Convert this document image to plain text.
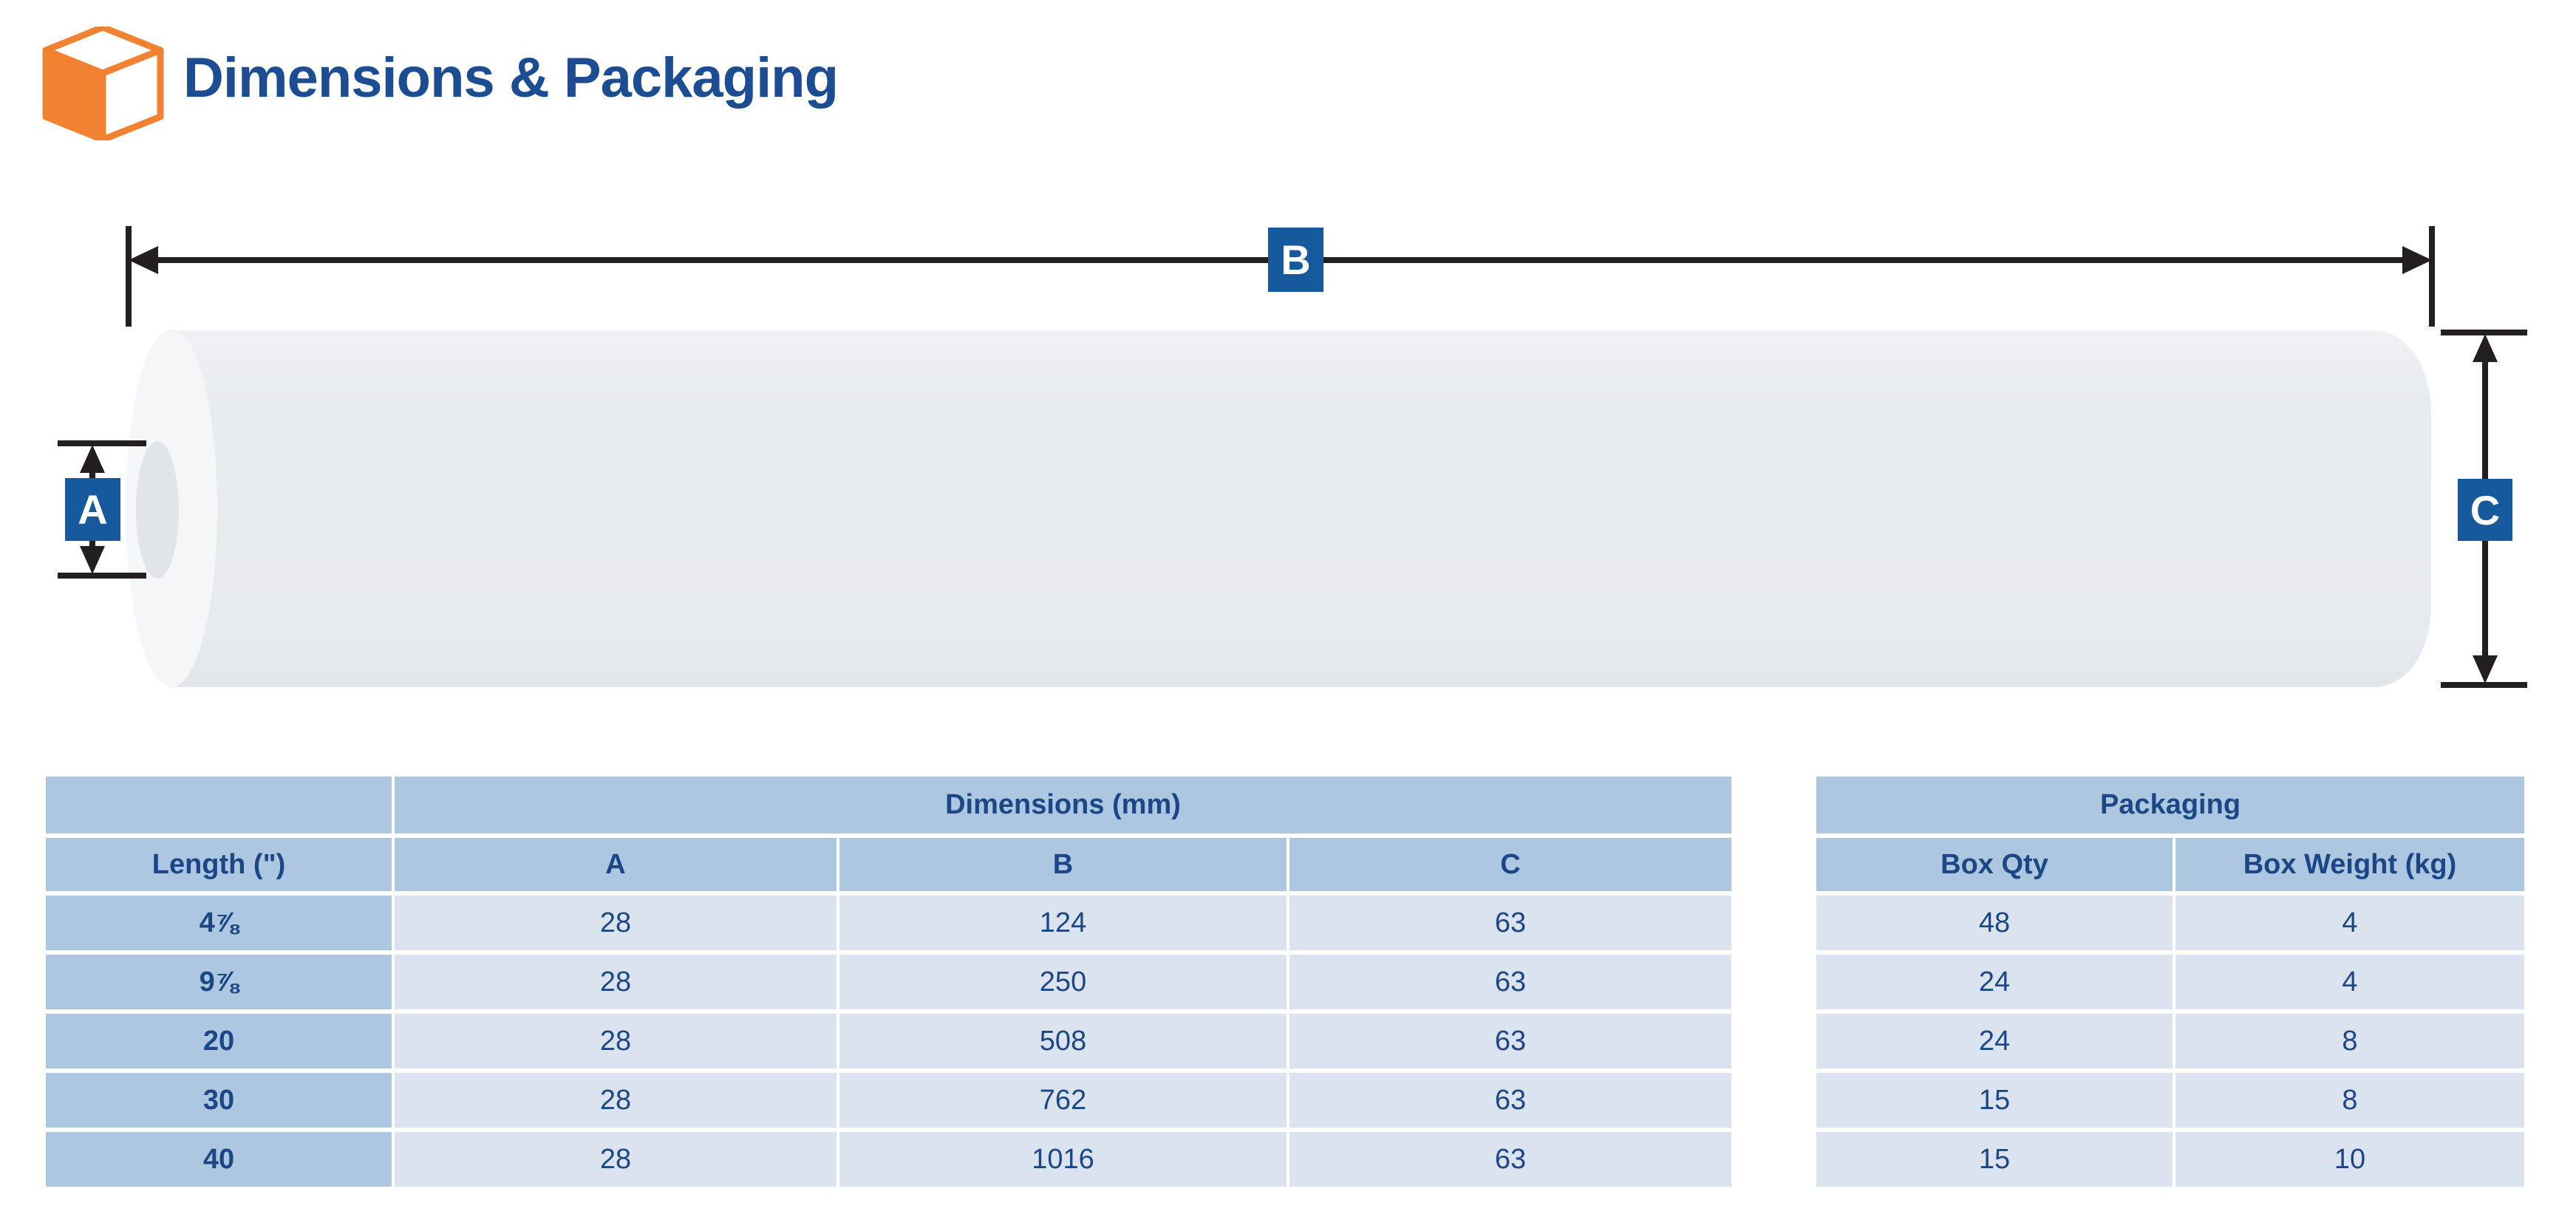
Dimensions & Packaging
A
B
C
	Dimensions (mm)		
Length (")	A	B	C
4⅞	28	124	63
9⅞	28	250	63
20	28	508	63
30	28	762	63
40	28	1016	63
Packaging	
Box Qty	Box Weight (kg)
48	4
24	4
24	8
15	8
15	10
